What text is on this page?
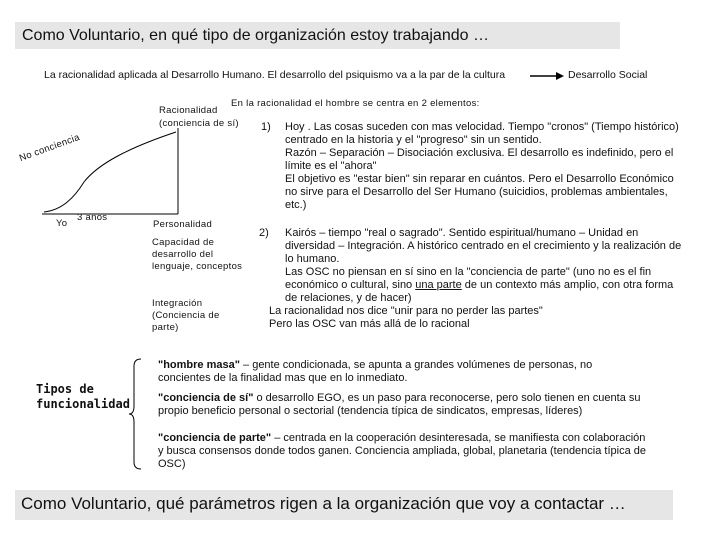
Como Voluntario, en qué tipo de organización estoy trabajando …
La racionalidad aplicada al Desarrollo Humano. El desarrollo del psiquismo va a la par de la cultura	Desarrollo Social
En la racionalidad el hombre se centra en 2 elementos:
Racionalidad
(conciencia de sí)
No conciencia
Yo
3 años
Personalidad
Capacidad de
desarrollo del
lenguaje, conceptos
Integración
(Conciencia de
parte)
1) Hoy . Las cosas suceden con mas velocidad. Tiempo "cronos" (Tiempo histórico)
centrado en la historia y el "progreso" sin un sentido.
Razón – Separación – Disociación exclusiva. El desarrollo es indefinido, pero el
límite es el "ahora"
El objetivo es "estar bien" sin reparar en cuántos. Pero el Desarrollo Económico
no sirve para el Desarrollo del Ser Humano (suicidios, problemas ambientales,
etc.)
2) Kairós – tiempo "real o sagrado". Sentido espiritual/humano – Unidad en
diversidad – Integración. A histórico centrado en el crecimiento y la realización de
lo humano.
Las OSC no piensan en sí sino en la "conciencia de parte" (uno no es el fin
económico o cultural, sino una parte de un contexto más amplio, con otra forma
de relaciones, y de hacer)
La racionalidad nos dice "unir para no perder las partes"
Pero las OSC van más allá de lo racional
Tipos de
funcionalidad
"hombre masa" – gente condicionada, se apunta a grandes volúmenes de personas, no
concientes de la finalidad mas que en lo inmediato.
"conciencia de sí" o desarrollo EGO, es un paso para reconocerse, pero solo tienen en cuenta su
propio beneficio personal o sectorial (tendencia típica de sindicatos, empresas, líderes)
"conciencia de parte" – centrada en la cooperación desinteresada, se manifiesta con colaboración
y busca consensos donde todos ganen. Conciencia ampliada, global, planetaria (tendencia típica de
OSC)
Como Voluntario, qué parámetros rigen a la organización que voy a contactar …
